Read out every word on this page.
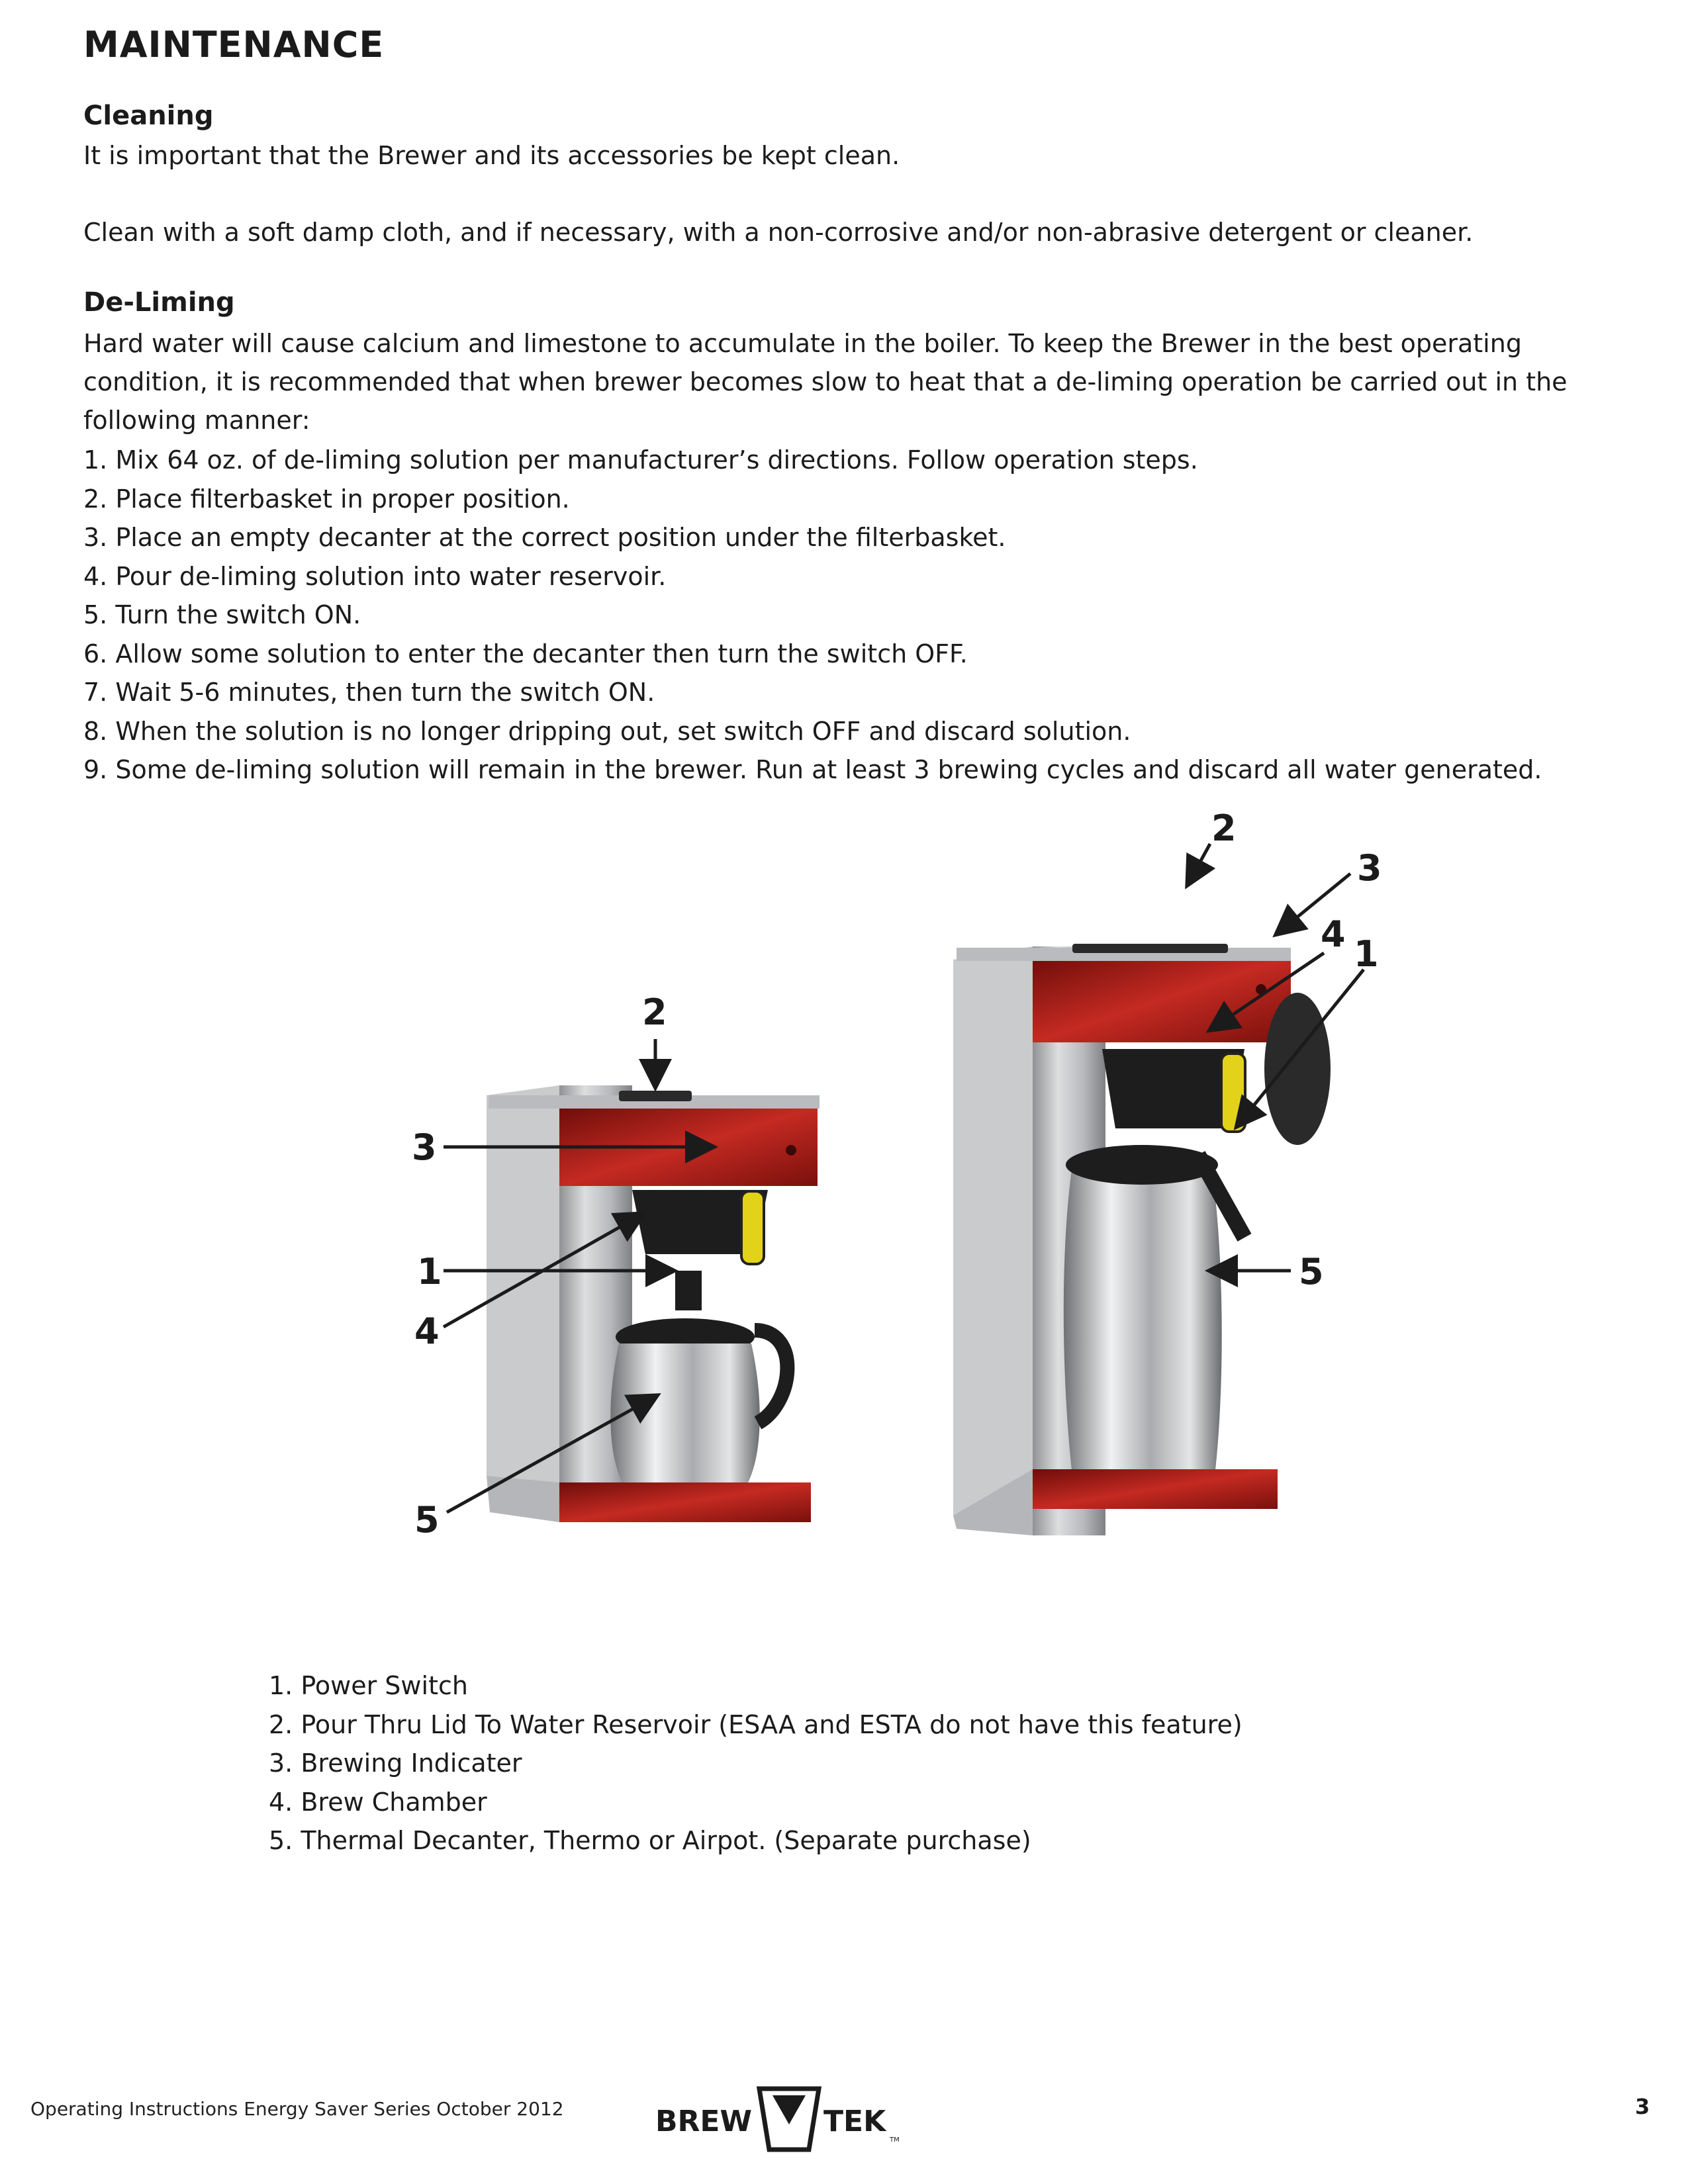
MAINTENANCE
Cleaning

It is important that the Brewer and its accessories be kept clean.

Clean with a soft damp cloth, and if necessary, with a non-corrosive and/or non-abrasive detergent or cleaner.

De-Liming

Hard water will cause calcium and limestone to accumulate in the boiler. To keep the Brewer in the best operating condition, it is recommended that when brewer becomes slow to heat that a de-liming operation be carried out in the following manner:

1. Mix 64 oz. of de-liming solution per manufacturer’s directions. Follow operation steps.
2. Place filterbasket in proper position.
3. Place an empty decanter at the correct position under the filterbasket.
4. Pour de-liming solution into water reservoir.
5. Turn the switch ON.
6. Allow some solution to enter the decanter then turn the switch OFF.
7. Wait 5-6 minutes, then turn the switch ON.
8. When the solution is no longer dripping out, set switch OFF and discard solution.
9. Some de-liming solution will remain in the brewer. Run at least 3 brewing cycles and discard all water generated.
2
3
1
4
5
2
3
4 1
5
1. Power Switch
2. Pour Thru Lid To Water Reservoir (ESAA and ESTA do not have this feature)
3. Brewing Indicater
4. Brew Chamber
5. Thermal Decanter, Thermo or Airpot. (Separate purchase)
Operating Instructions Energy Saver Series October 2012	BREW TEK
TM
3
